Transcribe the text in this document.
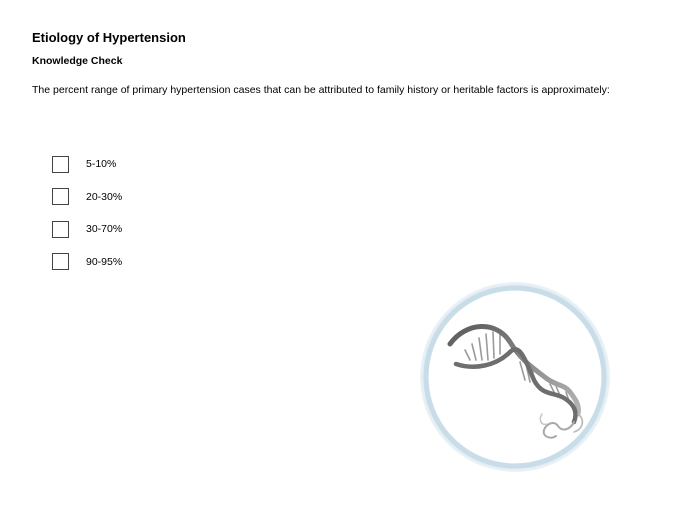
Etiology of Hypertension
Knowledge Check

The percent range of primary hypertension cases that can be attributed to family history or heritable factors is approximately:

5-10%
20-30%
30-70%
90-95%
